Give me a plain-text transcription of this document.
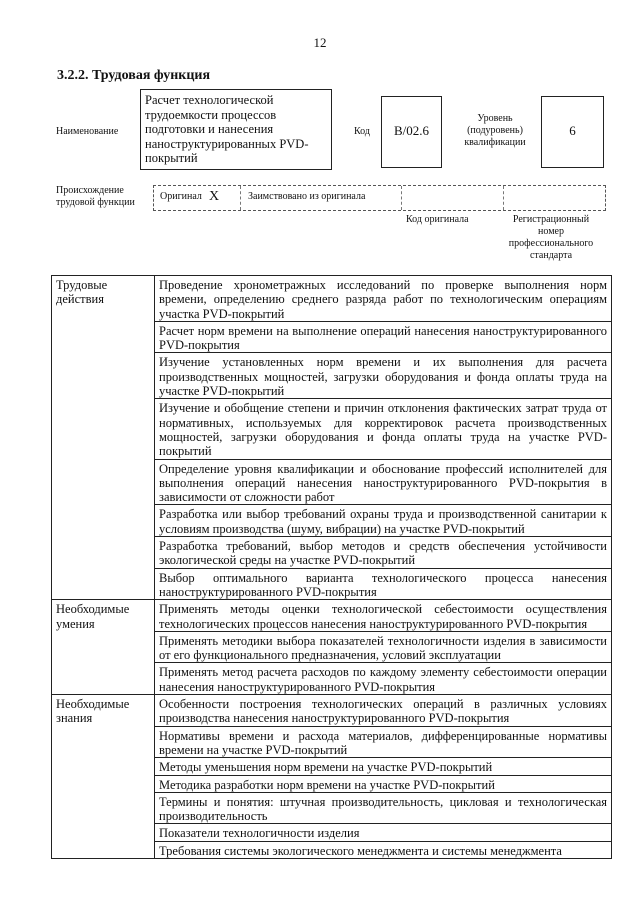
12
3.2.2. Трудовая функция
Наименование
Расчет технологической трудоемкости процессов подготовки и нанесения наноструктурированных PVD-покрытий
Код	B/02.6
Уровень (подуровень) квалификации
6
Происхождение трудовой функции
Оригинал X	Заимствовано из оригинала
Код оригинала	Регистрационный номер профессионального стандарта
Трудовые действия	Проведение хронометражных исследований по проверке выполнения норм времени, определению среднего разряда работ по технологическим операциям участка PVD-покрытий
	Расчет норм времени на выполнение операций нанесения наноструктурированного PVD-покрытия
	Изучение установленных норм времени и их выполнения для расчета производственных мощностей, загрузки оборудования и фонда оплаты труда на участке PVD-покрытий
	Изучение и обобщение степени и причин отклонения фактических затрат труда от нормативных, используемых для корректировок расчета производственных мощностей, загрузки оборудования и фонда оплаты труда на участке PVD-покрытий
	Определение уровня квалификации и обоснование профессий исполнителей для выполнения операций нанесения наноструктурированного PVD-покрытия в зависимости от сложности работ
	Разработка или выбор требований охраны труда и производственной санитарии к условиям производства (шуму, вибрации) на участке PVD-покрытий
	Разработка требований, выбор методов и средств обеспечения устойчивости экологической среды на участке PVD-покрытий
	Выбор оптимального варианта технологического процесса нанесения наноструктурированного PVD-покрытия
Необходимые умения	Применять методы оценки технологической себестоимости осуществления технологических процессов нанесения наноструктурированного PVD-покрытия
	Применять методики выбора показателей технологичности изделия в зависимости от его функционального предназначения, условий эксплуатации
	Применять метод расчета расходов по каждому элементу себестоимости операции нанесения наноструктурированного PVD-покрытия
Необходимые знания	Особенности построения технологических операций в различных условиях производства нанесения наноструктурированного PVD-покрытия
	Нормативы времени и расхода материалов, дифференцированные нормативы времени на участке PVD-покрытий
	Методы уменьшения норм времени на участке PVD-покрытий
	Методика разработки норм времени на участке PVD-покрытий
	Термины и понятия: штучная производительность, цикловая и технологическая производительность
	Показатели технологичности изделия
	Требования системы экологического менеджмента и системы менеджмента
